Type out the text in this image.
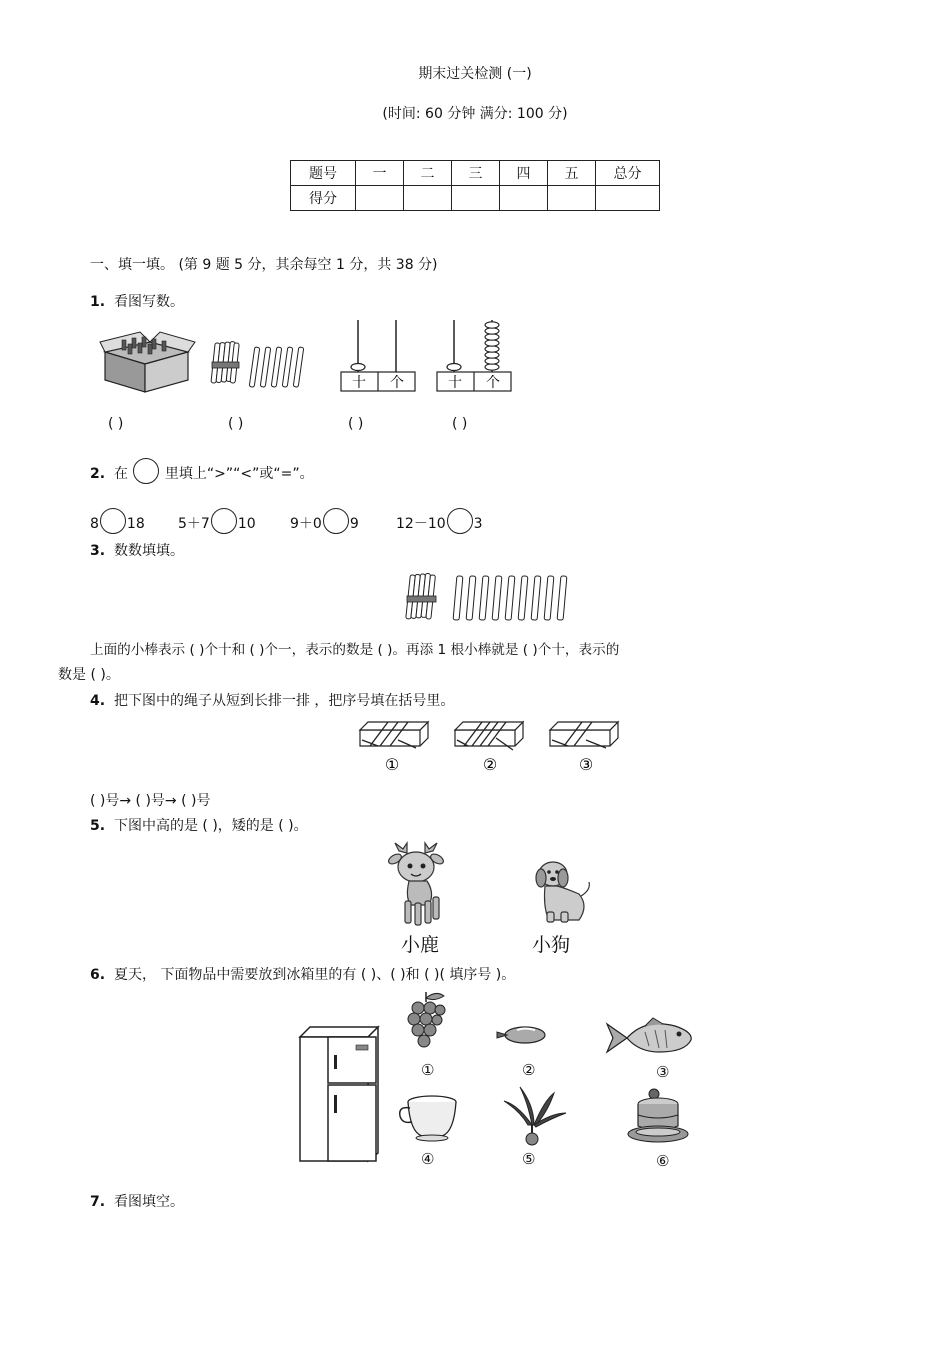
期末过关检测 (一)
(时间: 60 分钟 满分: 100 分)
题号	一	二	三	四	五	总分
得分						
一、填一填。 (第 9 题 5 分，其余每空 1 分，共 38 分)
1. 看图写数。
十 个	十 个
( )	( )	( )	( )
2. 在	里填上“>”“<”或“=”。
8 18 5＋7 10 9＋0 9	12－10 3
3. 数数填填。
上面的小棒表示 ( )个十和 ( )个一，表示的数是 ( )。再添 1 根小棒就是 ( )个十，表示的
数是 ( )。
4. 把下图中的绳子从短到长排一排 ，把序号填在括号里。
①	②	③
( )号→ ( )号→ ( )号
5. 下图中高的是 ( )，矮的是 ( )。
小鹿	小狗
6. 夏天， 下面物品中需要放到冰箱里的有 ( )、( )和 ( )( 填序号 )。
①	②	③
④	⑤	⑥
7. 看图填空。
